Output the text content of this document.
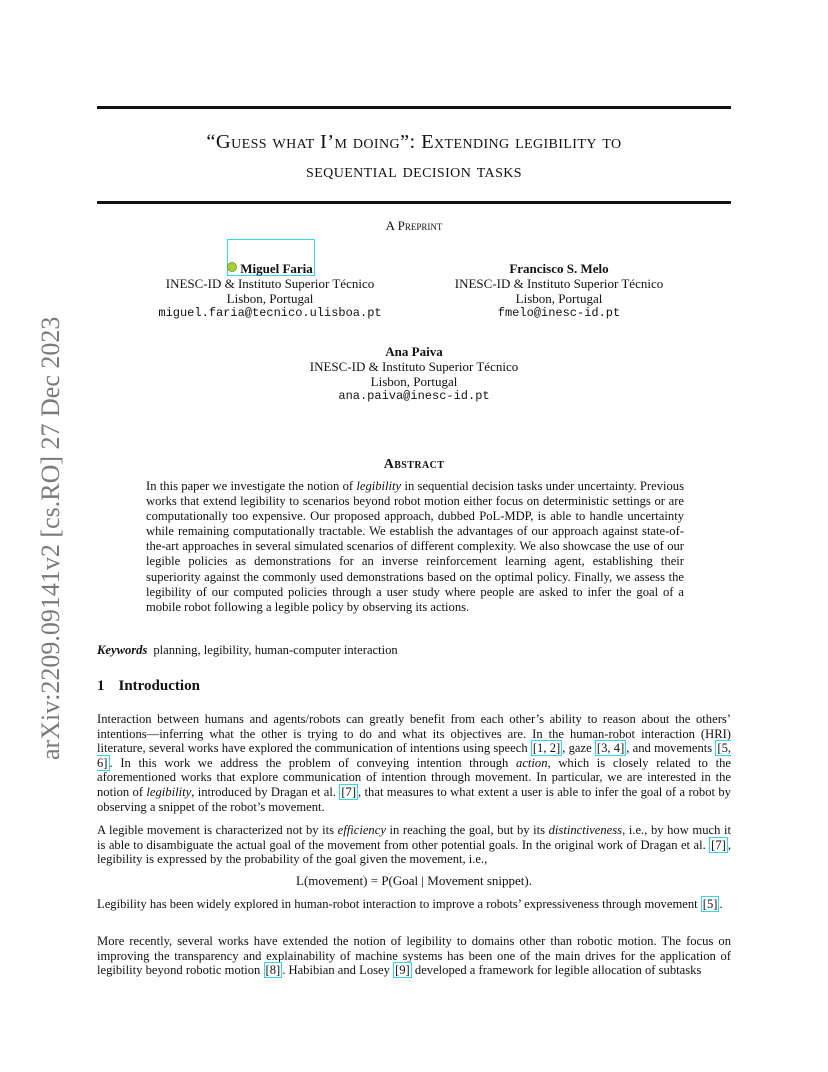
arXiv:2209.09141v2 [cs.RO] 27 Dec 2023
“Guess what I’m doing”: Extending legibility to
sequential decision tasks
A Preprint
Miguel Faria
INESC-ID & Instituto Superior Técnico
Lisbon, Portugal
miguel.faria@tecnico.ulisboa.pt
Francisco S. Melo
INESC-ID & Instituto Superior Técnico
Lisbon, Portugal
fmelo@inesc-id.pt
Ana Paiva
INESC-ID & Instituto Superior Técnico
Lisbon, Portugal
ana.paiva@inesc-id.pt
Abstract
In this paper we investigate the notion of legibility in sequential decision tasks under uncertainty. Previous works that extend legibility to scenarios beyond robot motion either focus on deterministic settings or are computationally too expensive. Our proposed approach, dubbed PoL-MDP, is able to handle uncertainty while remaining computationally tractable. We establish the advantages of our approach against state-of-the-art approaches in several simulated scenarios of different complexity. We also showcase the use of our legible policies as demonstrations for an inverse reinforcement learning agent, establishing their superiority against the commonly used demonstrations based on the optimal policy. Finally, we assess the legibility of our computed policies through a user study where people are asked to infer the goal of a mobile robot following a legible policy by observing its actions.
Keywords planning, legibility, human-computer interaction
1 Introduction
Interaction between humans and agents/robots can greatly benefit from each other’s ability to reason about the others’ intentions—inferring what the other is trying to do and what its objectives are. In the human-robot interaction (HRI) literature, several works have explored the communication of intentions using speech [1, 2] , gaze [3, 4] , and movements [5, 6] . In this work we address the problem of conveying intention through action, which is closely related to the aforementioned works that explore communication of intention through movement. In particular, we are interested in the notion of legibility, introduced by Dragan et al. [7] , that measures to what extent a user is able to infer the goal of a robot by observing a snippet of the robot’s movement.
A legible movement is characterized not by its efficiency in reaching the goal, but by its distinctiveness, i.e., by how much it is able to disambiguate the actual goal of the movement from other potential goals. In the original work of Dragan et al. [7] , legibility is expressed by the probability of the goal given the movement, i.e.,
L(movement) = P(Goal | Movement snippet).
Legibility has been widely explored in human-robot interaction to improve a robots’ expressiveness through movement [5] .
More recently, several works have extended the notion of legibility to domains other than robotic motion. The focus on improving the transparency and explainability of machine systems has been one of the main drives for the application of legibility beyond robotic motion [8] . Habibian and Losey [9] developed a framework for legible allocation of subtasks
